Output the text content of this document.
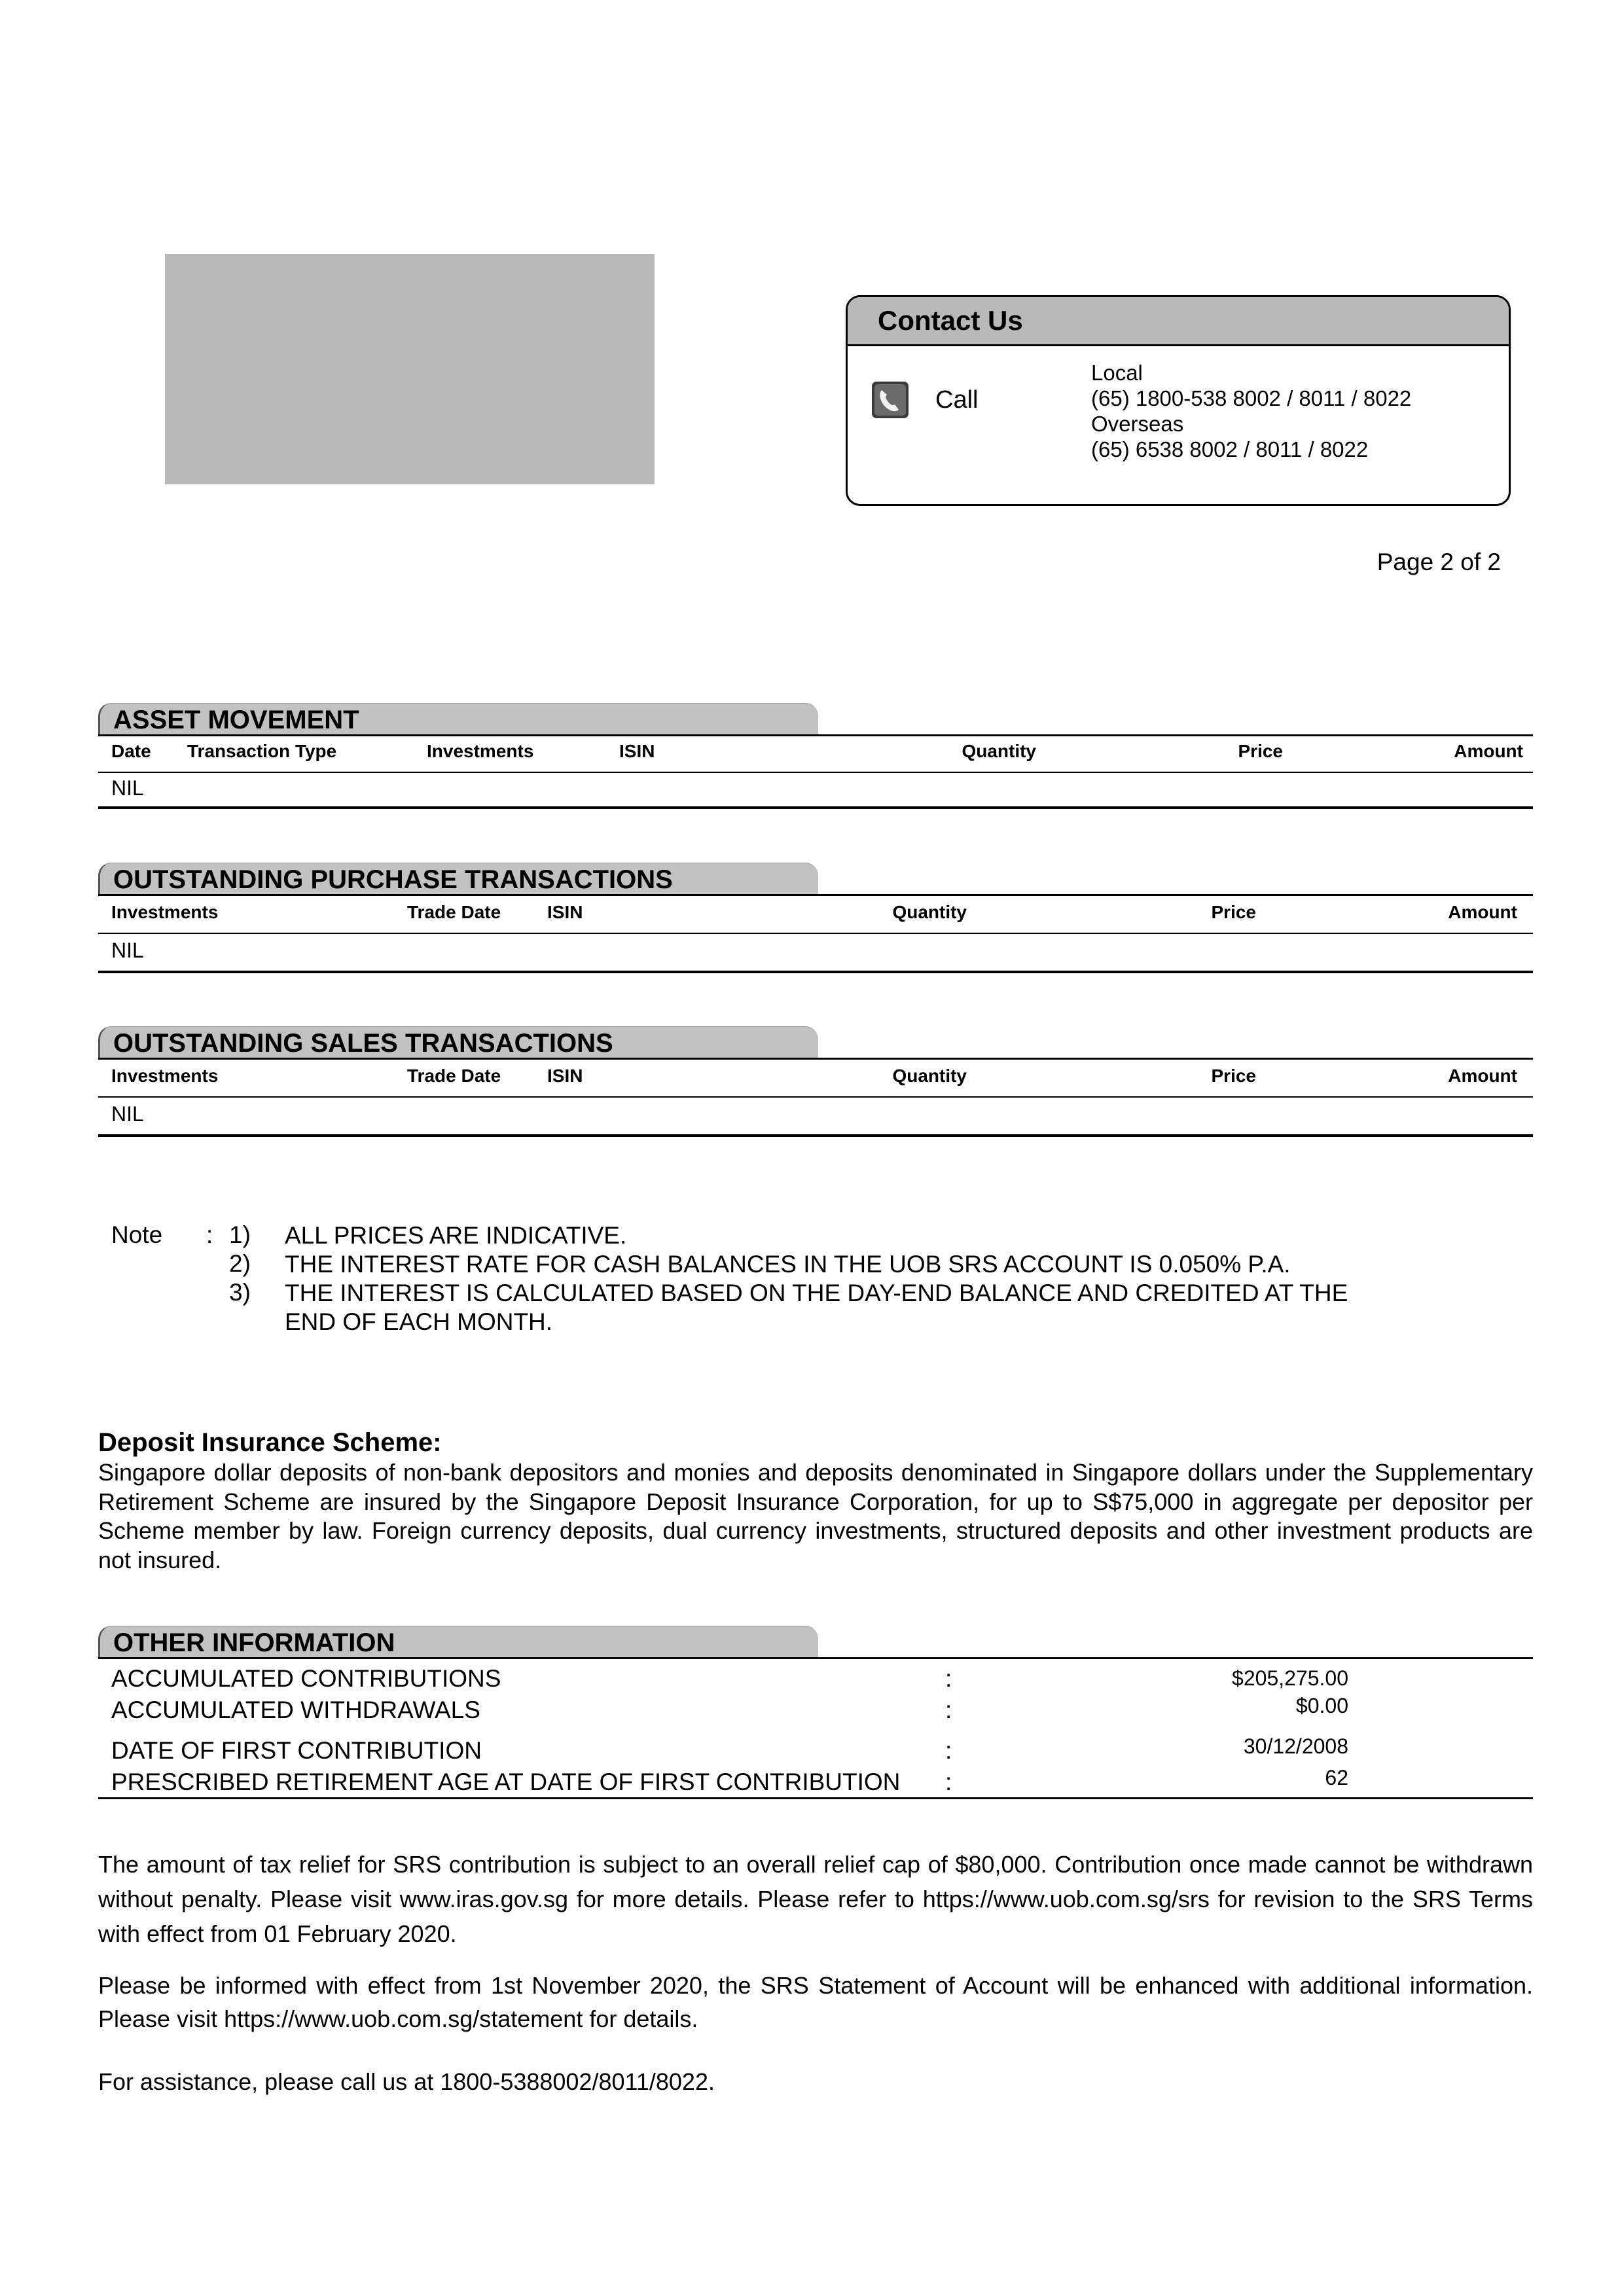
Contact Us
Call
Local
(65) 1800-538 8002 / 8011 / 8022
Overseas
(65) 6538 8002 / 8011 / 8022
Page 2 of 2
ASSET MOVEMENT
Date Transaction Type	Investments	ISIN	Quantity	Price	Amount
NIL
OUTSTANDING PURCHASE TRANSACTIONS
Investments	Trade Date	ISIN	Quantity	Price	Amount
NIL
OUTSTANDING SALES TRANSACTIONS
Investments	Trade Date	ISIN	Quantity	Price	Amount
NIL
Note : 1) ALL PRICES ARE INDICATIVE.
2) THE INTEREST RATE FOR CASH BALANCES IN THE UOB SRS ACCOUNT IS 0.050% P.A.
3) THE INTEREST IS CALCULATED BASED ON THE DAY-END BALANCE AND CREDITED AT THE
END OF EACH MONTH.
Deposit Insurance Scheme:
Singapore dollar deposits of non-bank depositors and monies and deposits denominated in Singapore dollars under the Supplementary Retirement Scheme are insured by the Singapore Deposit Insurance Corporation, for up to S$75,000 in aggregate per depositor per Scheme member by law. Foreign currency deposits, dual currency investments, structured deposits and other investment products are not insured.
OTHER INFORMATION
ACCUMULATED CONTRIBUTIONS	:	$205,275.00
ACCUMULATED WITHDRAWALS	:	$0.00
DATE OF FIRST CONTRIBUTION	:	30/12/2008
PRESCRIBED RETIREMENT AGE AT DATE OF FIRST CONTRIBUTION :	62
The amount of tax relief for SRS contribution is subject to an overall relief cap of $80,000. Contribution once made cannot be withdrawn without penalty. Please visit www.iras.gov.sg for more details. Please refer to https://www.uob.com.sg/srs for revision to the SRS Terms with effect from 01 February 2020.
Please be informed with effect from 1st November 2020, the SRS Statement of Account will be enhanced with additional information. Please visit https://www.uob.com.sg/statement for details.
For assistance, please call us at 1800-5388002/8011/8022.
